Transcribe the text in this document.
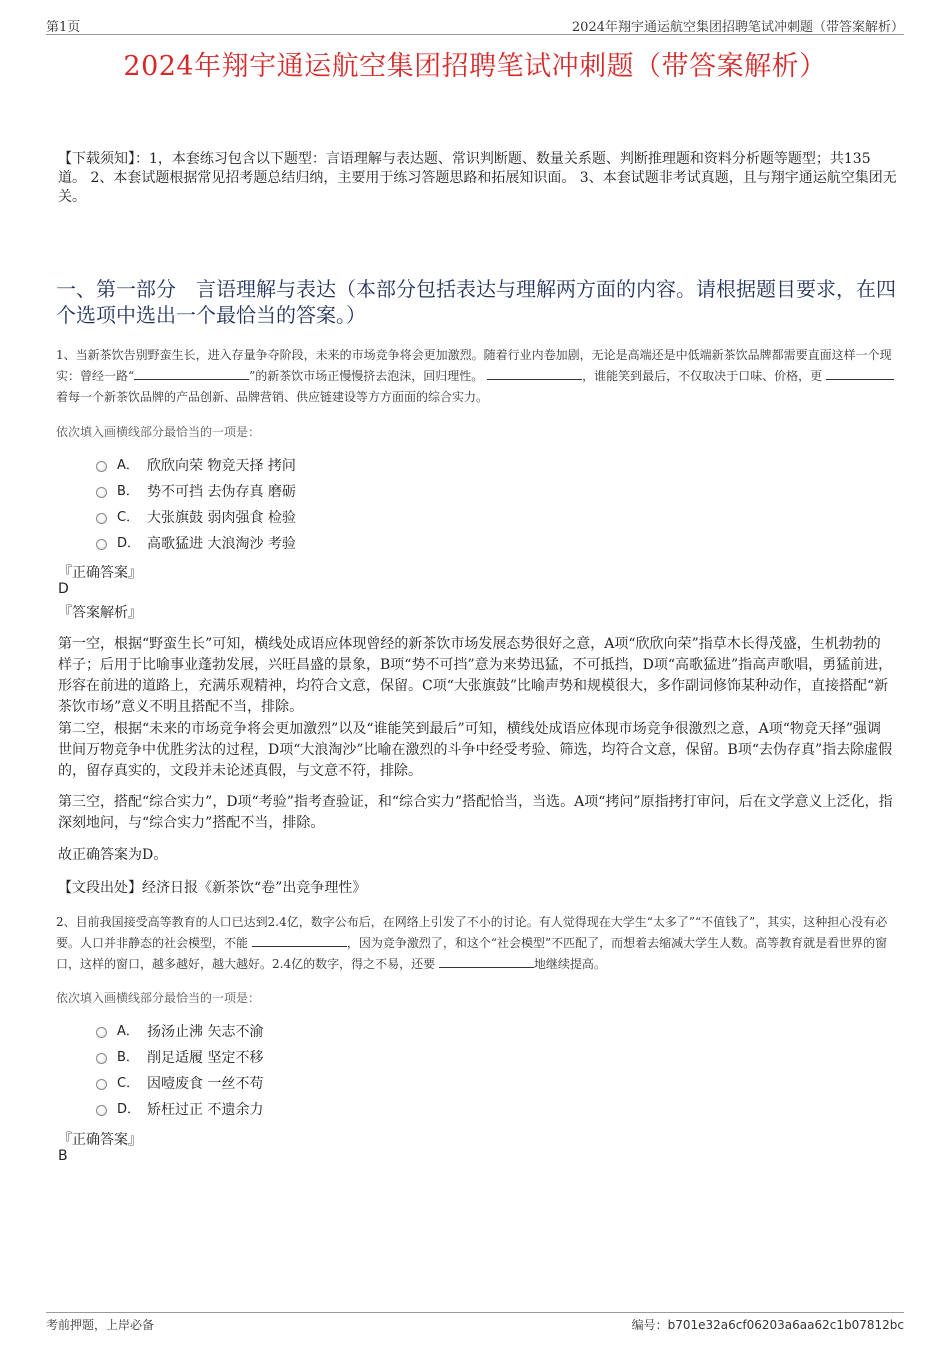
第1页	2024年翔宇通运航空集团招聘笔试冲刺题（带答案解析）
2024年翔宇通运航空集团招聘笔试冲刺题（带答案解析）
【下载须知】：1，本套练习包含以下题型：言语理解与表达题、常识判断题、数量关系题、判断推理题和资料分析题等题型；共135道。 2、本套试题根据常见招考题总结归纳，主要用于练习答题思路和拓展知识面。 3、本套试题非考试真题，且与翔宇通运航空集团无关。
一、第一部分　言语理解与表达（本部分包括表达与理解两方面的内容。请根据题目要求，在四个选项中选出一个最恰当的答案。）
1、当新茶饮告别野蛮生长，进入存量争夺阶段，未来的市场竞争将会更加激烈。随着行业内卷加剧，无论是高端还是中低端新茶饮品牌都需要直面这样一个现实：曾经一路“	”的新茶饮市场正慢慢挤去泡沫，回归理性。	，谁能笑到最后，不仅取决于口味、价格，更 着每一个新茶饮品牌的产品创新、品牌营销、供应链建设等方方面面的综合实力。
依次填入画横线部分最恰当的一项是：
A． 欣欣向荣 物竞天择 拷问
B． 势不可挡 去伪存真 磨砺
C． 大张旗鼓 弱肉强食 检验
D． 高歌猛进 大浪淘沙 考验
『正确答案』
D
『答案解析』
第一空，根据“野蛮生长”可知，横线处成语应体现曾经的新茶饮市场发展态势很好之意，A项“欣欣向荣”指草木长得茂盛，生机勃勃的样子；后用于比喻事业蓬勃发展，兴旺昌盛的景象，B项“势不可挡”意为来势迅猛，不可抵挡，D项“高歌猛进”指高声歌唱，勇猛前进，形容在前进的道路上，充满乐观精神，均符合文意，保留。C项“大张旗鼓”比喻声势和规模很大，多作副词修饰某种动作，直接搭配“新茶饮市场”意义不明且搭配不当，排除。
第二空，根据“未来的市场竞争将会更加激烈”以及“谁能笑到最后”可知，横线处成语应体现市场竞争很激烈之意，A项“物竞天择”强调世间万物竞争中优胜劣汰的过程，D项“大浪淘沙”比喻在激烈的斗争中经受考验、筛选，均符合文意，保留。B项“去伪存真”指去除虚假的，留存真实的，文段并未论述真假，与文意不符，排除。
第三空，搭配“综合实力”，D项“考验”指考查验证，和“综合实力”搭配恰当，当选。A项“拷问”原指拷打审问，后在文学意义上泛化，指深刻地问，与“综合实力”搭配不当，排除。
故正确答案为D。
【文段出处】经济日报《新茶饮“卷”出竞争理性》
2、目前我国接受高等教育的人口已达到2.4亿，数字公布后，在网络上引发了不小的讨论。有人觉得现在大学生“太多了”“不值钱了”，其实，这种担心没有必要。人口并非静态的社会模型，不能	，因为竞争激烈了，和这个“社会模型”不匹配了，而想着去缩减大学生人数。高等教育就是看世界的窗口，这样的窗口，越多越好，越大越好。2.4亿的数字，得之不易，还要	地继续提高。
依次填入画横线部分最恰当的一项是：
A． 扬汤止沸 矢志不渝
B． 削足适履 坚定不移
C． 因噎废食 一丝不苟
D． 矫枉过正 不遗余力
『正确答案』
B
考前押题，上岸必备	编号：b701e32a6cf06203a6aa62c1b07812bc
